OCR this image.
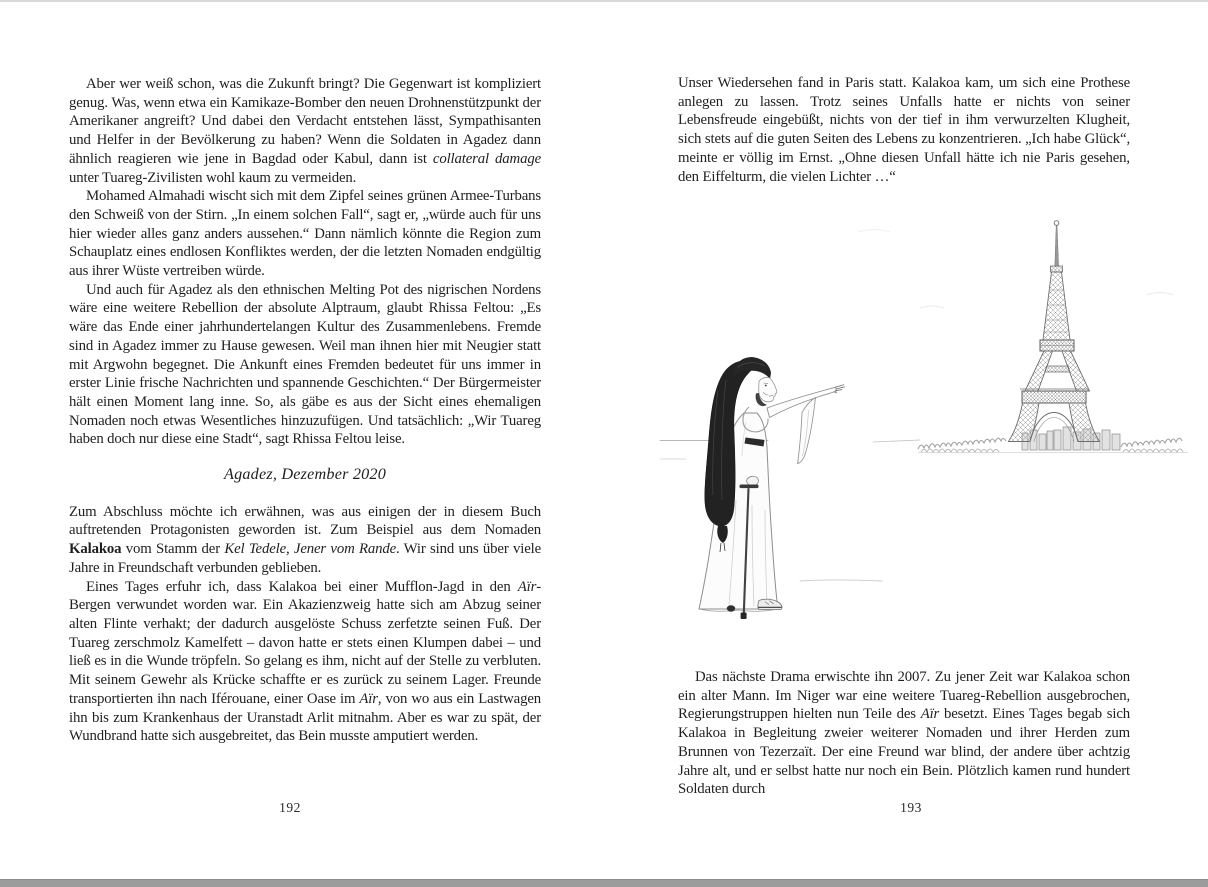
Aber wer weiß schon, was die Zukunft bringt? Die Gegenwart ist kompliziert genug. Was, wenn etwa ein Kamikaze-Bomber den neuen Drohnenstützpunkt der Amerikaner angreift? Und dabei den Verdacht entstehen lässt, Sympathisanten und Helfer in der Bevölkerung zu haben? Wenn die Soldaten in Agadez dann ähnlich reagieren wie jene in Bagdad oder Kabul, dann ist collateral damage unter Tuareg-Zivilisten wohl kaum zu vermeiden.

Mohamed Almahadi wischt sich mit dem Zipfel seines grünen Armee-Turbans den Schweiß von der Stirn. „In einem solchen Fall“, sagt er, „würde auch für uns hier wieder alles ganz anders aussehen.“ Dann nämlich könnte die Region zum Schauplatz eines endlosen Konfliktes werden, der die letzten Nomaden endgültig aus ihrer Wüste vertreiben würde.

Und auch für Agadez als den ethnischen Melting Pot des nigrischen Nordens wäre eine weitere Rebellion der absolute Alptraum, glaubt Rhissa Feltou: „Es wäre das Ende einer jahrhundertelangen Kultur des Zusammenlebens. Fremde sind in Agadez immer zu Hause gewesen. Weil man ihnen hier mit Neugier statt mit Argwohn begegnet. Die Ankunft eines Fremden bedeutet für uns immer in erster Linie frische Nachrichten und spannende Geschichten.“ Der Bürgermeister hält einen Moment lang inne. So, als gäbe es aus der Sicht eines ehemaligen Nomaden noch etwas Wesentliches hinzuzufügen. Und tatsächlich: „Wir Tuareg haben doch nur diese eine Stadt“, sagt Rhissa Feltou leise.

Agadez, Dezember 2020

Zum Abschluss möchte ich erwähnen, was aus einigen der in diesem Buch auftretenden Protagonisten geworden ist. Zum Beispiel aus dem Nomaden Kalakoa vom Stamm der Kel Tedele, Jener vom Rande. Wir sind uns über viele Jahre in Freundschaft verbunden geblieben.

Eines Tages erfuhr ich, dass Kalakoa bei einer Mufflon-Jagd in den Aïr-Bergen verwundet worden war. Ein Akazienzweig hatte sich am Abzug seiner alten Flinte verhakt; der dadurch ausgelöste Schuss zerfetzte seinen Fuß. Der Tuareg zerschmolz Kamelfett – davon hatte er stets einen Klumpen dabei – und ließ es in die Wunde tröpfeln. So gelang es ihm, nicht auf der Stelle zu verbluten. Mit seinem Gewehr als Krücke schaffte er es zurück zu seinem Lager. Freunde transportierten ihn nach Iférouane, einer Oase im Aïr, von wo aus ein Lastwagen ihn bis zum Krankenhaus der Uranstadt Arlit mitnahm. Aber es war zu spät, der Wundbrand hatte sich ausgebreitet, das Bein musste amputiert werden.

Unser Wiedersehen fand in Paris statt. Kalakoa kam, um sich eine Prothese anlegen zu lassen. Trotz seines Unfalls hatte er nichts von seiner Lebensfreude eingebüßt, nichts von der tief in ihm verwurzelten Klugheit, sich stets auf die guten Seiten des Lebens zu konzentrieren. „Ich habe Glück“, meinte er völlig im Ernst. „Ohne diesen Unfall hätte ich nie Paris gesehen, den Eiffelturm, die vielen Lichter …“

Das nächste Drama erwischte ihn 2007. Zu jener Zeit war Kalakoa schon ein alter Mann. Im Niger war eine weitere Tuareg-Rebellion ausgebrochen, Regierungstruppen hielten nun Teile des Aïr besetzt. Eines Tages begab sich Kalakoa in Begleitung zweier weiterer Nomaden und ihrer Herden zum Brunnen von Tezerzaït. Der eine Freund war blind, der andere über achtzig Jahre alt, und er selbst hatte nur noch ein Bein. Plötzlich kamen rund hundert Soldaten durch

192	193
